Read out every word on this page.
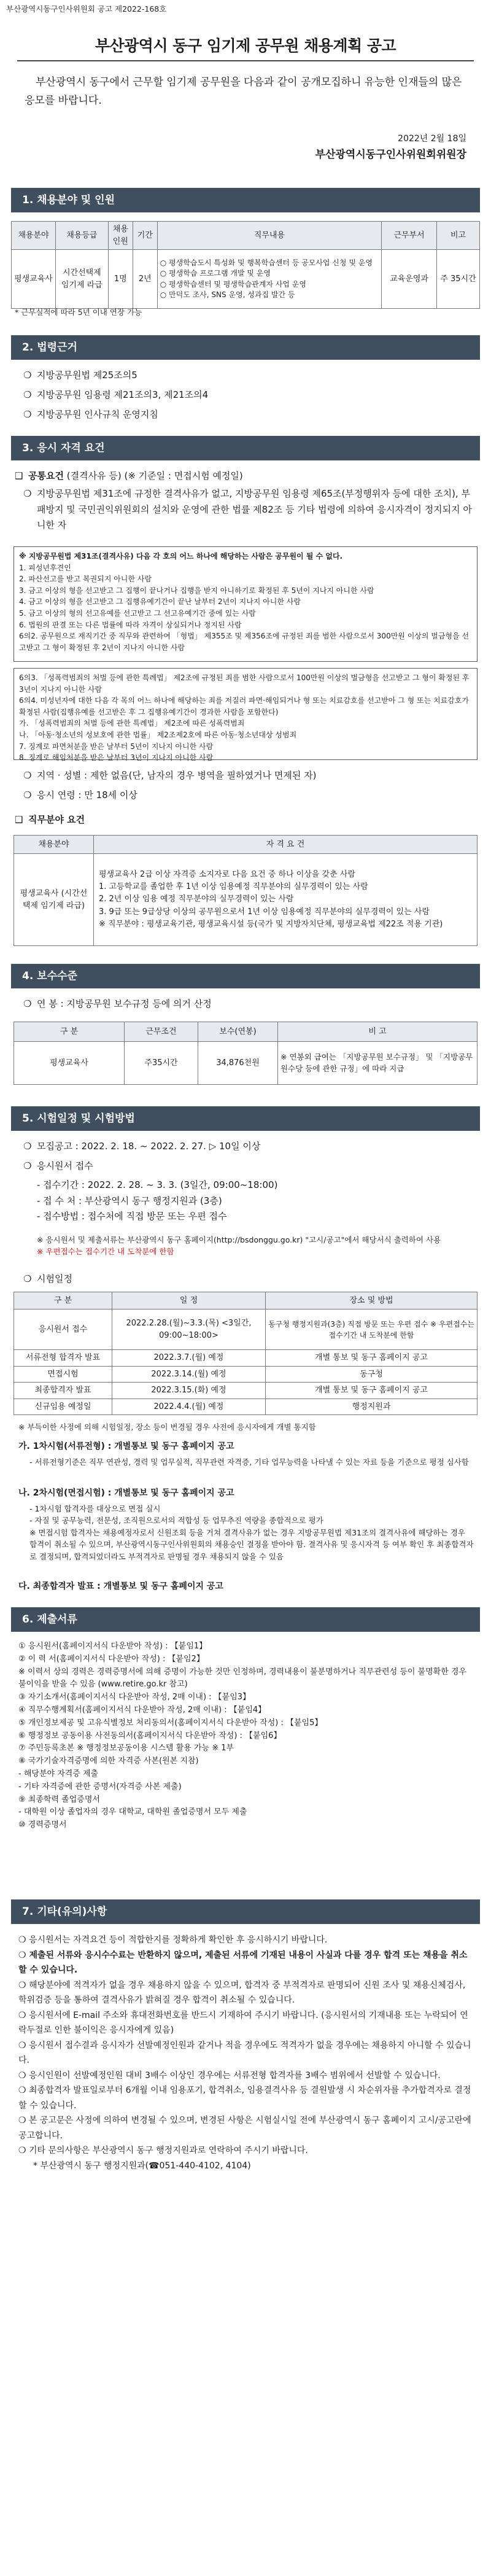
부산광역시동구인사위원회 공고 제2022-168호
부산광역시 동구 임기제 공무원 채용계획 공고
부산광역시 동구에서 근무할 임기제 공무원을 다음과 같이 공개모집하니 유능한 인재들의 많은 응모를 바랍니다.
2022년 2월 18일
부산광역시동구인사위원회위원장
1. 채용분야 및 인원
채용분야	채용등급	채용인원	기간	직무내용	근무부서	비고
평생교육사	시간선택제 임기제 라급	1명	2년	○ 평생학습도시 특성화 및 행복학습센터 등 공모사업 신청 및 운영
○ 평생학습 프로그램 개발 및 운영
○ 평생학습센터 및 평생학습관계자 사업 운영
○ 만덕도 조사, SNS 운영, 성과집 발간 등	교육운영과	주 35시간
* 근무실적에 따라 5년 이내 연장 가능
2. 법령근거
❍ 지방공무원법 제25조의5
❍ 지방공무원 임용령 제21조의3, 제21조의4
❍ 지방공무원 인사규칙 운영지침
3. 응시 자격 요건
❑ 공통요건 (결격사유 등) (※ 기준일 : 면접시험 예정일)
❍ 지방공무원법 제31조에 규정한 결격사유가 없고, 지방공무원 임용령 제65조(부정행위자 등에 대한 조치), 부패방지 및 국민권익위원회의 설치와 운영에 관한 법률 제82조 등 기타 법령에 의하여 응시자격이 정지되지 아니한 자
※ 지방공무원법 제31조(결격사유) 다음 각 호의 어느 하나에 해당하는 사람은 공무원이 될 수 없다.
1. 피성년후견인
2. 파산선고를 받고 복권되지 아니한 사람
3. 금고 이상의 형을 선고받고 그 집행이 끝나거나 집행을 받지 아니하기로 확정된 후 5년이 지나지 아니한 사람
4. 금고 이상의 형을 선고받고 그 집행유예기간이 끝난 날부터 2년이 지나지 아니한 사람
5. 금고 이상의 형의 선고유예를 선고받고 그 선고유예기간 중에 있는 사람
6. 법원의 판결 또는 다른 법률에 따라 자격이 상실되거나 정지된 사람
6의2. 공무원으로 재직기간 중 직무와 관련하여 「형법」 제355조 및 제356조에 규정된 죄를 범한 사람으로서 300만원 이상의 벌금형을 선고받고 그 형이 확정된 후 2년이 지나지 아니한 사람
6의3. 「성폭력범죄의 처벌 등에 관한 특례법」 제2조에 규정된 죄를 범한 사람으로서 100만원 이상의 벌금형을 선고받고 그 형이 확정된 후 3년이 지나지 아니한 사람
6의4. 미성년자에 대한 다음 각 목의 어느 하나에 해당하는 죄를 저질러 파면·해임되거나 형 또는 치료감호를 선고받아 그 형 또는 치료감호가 확정된 사람(집행유예를 선고받은 후 그 집행유예기간이 경과한 사람을 포함한다)
가. 「성폭력범죄의 처벌 등에 관한 특례법」 제2조에 따른 성폭력범죄
나. 「아동·청소년의 성보호에 관한 법률」 제2조제2호에 따른 아동·청소년대상 성범죄
7. 징계로 파면처분을 받은 날부터 5년이 지나지 아니한 사람
8. 징계로 해임처분을 받은 날부터 3년이 지나지 아니한 사람
❍ 지역 · 성별 : 제한 없음(단, 남자의 경우 병역을 필하였거나 면제된 자)
❍ 응시 연령 : 만 18세 이상
❑ 직무분야 요건
채용분야	자 격 요 건
평생교육사 (시간선택제 임기제 라급)	평생교육사 2급 이상 자격증 소지자로 다음 요건 중 하나 이상을 갖춘 사람
1. 고등학교를 졸업한 후 1년 이상 임용예정 직무분야의 실무경력이 있는 사람
2. 2년 이상 임용 예정 직무분야의 실무경력이 있는 사람
3. 9급 또는 9급상당 이상의 공무원으로서 1년 이상 임용예정 직무분야의 실무경력이 있는 사람
※ 직무분야 : 평생교육기관, 평생교육시설 등(국가 및 지방자치단체, 평생교육법 제22조 적용 기관)
4. 보수수준
❍ 연 봉 : 지방공무원 보수규정 등에 의거 산정
구 분	근무조건	보수(연봉)	비 고
평생교육사	주35시간	34,876천원	※ 연봉외 급여는 「지방공무원 보수규정」 및 「지방공무원수당 등에 관한 규정」에 따라 지급
5. 시험일정 및 시험방법
❍ 모집공고 : 2022. 2. 18. ~ 2022. 2. 27. ▷ 10일 이상
❍ 응시원서 접수
- 접수기간 : 2022. 2. 28. ~ 3. 3. (3일간, 09:00~18:00)
- 접 수 처 : 부산광역시 동구 행정지원과 (3층)
- 접수방법 : 접수처에 직접 방문 또는 우편 접수
※ 응시원서 및 제출서류는 부산광역시 동구 홈페이지(http://bsdonggu.go.kr) "고시/공고"에서 해당서식 출력하여 사용
※ 우편접수는 접수기간 내 도착분에 한함
❍ 시험일정
구 분	일 정	장소 및 방법
응시원서 접수	2022.2.28.(월)~3.3.(목) <3일간, 09:00~18:00>	동구청 행정지원과(3층) 직접 방문 또는 우편 접수 ※ 우편접수는 접수기간 내 도착분에 한함
서류전형 합격자 발표	2022.3.7.(월) 예정	개별 통보 및 동구 홈페이지 공고
면접시험	2022.3.14.(월) 예정	동구청
최종합격자 발표	2022.3.15.(화) 예정	개별 통보 및 동구 홈페이지 공고
신규임용 예정일	2022.4.4.(월) 예정	행정지원과
※ 부득이한 사정에 의해 시험일정, 장소 등이 변경될 경우 사전에 응시자에게 개별 통지함
가. 1차시험(서류전형) : 개별통보 및 동구 홈페이지 공고
- 서류전형기준은 직무 연관성, 경력 및 업무실적, 직무관련 자격증, 기타 업무능력을 나타낼 수 있는 자료 등을 기준으로 평정 심사함
나. 2차시험(면접시험) : 개별통보 및 동구 홈페이지 공고
- 1차시험 합격자를 대상으로 면접 실시
- 자질 및 공무능력, 전문성, 조직원으로서의 적합성 등 업무추진 역량을 종합적으로 평가
※ 면접시험 합격자는 채용예정자로서 신원조회 등을 거쳐 결격사유가 없는 경우 지방공무원법 제31조의 결격사유에 해당하는 경우 합격이 취소될 수 있으며, 부산광역시동구인사위원회의 채용승인 결정을 받아야 함. 결격사유 및 응시자격 등 여부 확인 후 최종합격자로 결정되며, 합격되었더라도 부적격자로 판명될 경우 채용되지 않을 수 있음
다. 최종합격자 발표 : 개별통보 및 동구 홈페이지 공고
6. 제출서류
① 응시원서(홈페이지서식 다운받아 작성) : 【붙임1】
② 이 력 서(홈페이지서식 다운받아 작성) : 【붙임2】
※ 이력서 상의 경력은 경력증명서에 의해 증명이 가능한 것만 인정하며, 경력내용이 불분명하거나 직무관련성 등이 불명확한 경우 불이익을 받을 수 있음 (www.retire.go.kr 참고)
③ 자기소개서(홈페이지서식 다운받아 작성, 2매 이내) : 【붙임3】
④ 직무수행계획서(홈페이지서식 다운받아 작성, 2매 이내) : 【붙임4】
⑤ 개인정보제공 및 고유식별정보 처리동의서(홈페이지서식 다운받아 작성) : 【붙임5】
⑥ 행정정보 공동이용 사전동의서(홈페이지서식 다운받아 작성) : 【붙임6】
⑦ 주민등록초본 ※ 행정정보공동이용 시스템 활용 가능 ※ 1부
⑧ 국가기술자격증명에 의한 자격증 사본(원본 지참)
- 해당분야 자격증 제출
- 기타 자격증에 관한 증명서(자격증 사본 제출)
⑨ 최종학력 졸업증명서
- 대학원 이상 졸업자의 경우 대학교, 대학원 졸업증명서 모두 제출
⑩ 경력증명서
7. 기타(유의)사항
❍ 응시원서는 자격요건 등이 적합한지를 정확하게 확인한 후 응시하시기 바랍니다.
❍ 제출된 서류와 응시수수료는 반환하지 않으며, 제출된 서류에 기재된 내용이 사실과 다를 경우 합격 또는 채용을 취소할 수 있습니다.
❍ 해당분야에 적격자가 없을 경우 채용하지 않을 수 있으며, 합격자 중 부적격자로 판명되어 신원 조사 및 채용신체검사, 학위검증 등을 통하여 결격사유가 밝혀질 경우 합격이 취소될 수 있습니다.
❍ 응시원서에 E-mail 주소와 휴대전화번호를 반드시 기재하여 주시기 바랍니다. (응시원서의 기재내용 또는 누락되어 연락두절로 인한 불이익은 응시자에게 있음)
❍ 응시원서 접수결과 응시자가 선발예정인원과 같거나 적을 경우에도 적격자가 없을 경우에는 채용하지 아니할 수 있습니다.
❍ 응시인원이 선발예정인원 대비 3배수 이상인 경우에는 서류전형 합격자를 3배수 범위에서 선발할 수 있습니다.
❍ 최종합격자 발표일로부터 6개월 이내 임용포기, 합격취소, 임용결격사유 등 결원발생 시 차순위자를 추가합격자로 결정할 수 있습니다.
❍ 본 공고문은 사정에 의하여 변경될 수 있으며, 변경된 사항은 시험실시일 전에 부산광역시 동구 홈페이지 고시/공고란에 공고합니다.
❍ 기타 문의사항은 부산광역시 동구 행정지원과로 연락하여 주시기 바랍니다.
* 부산광역시 동구 행정지원과(☎051-440-4102, 4104)
